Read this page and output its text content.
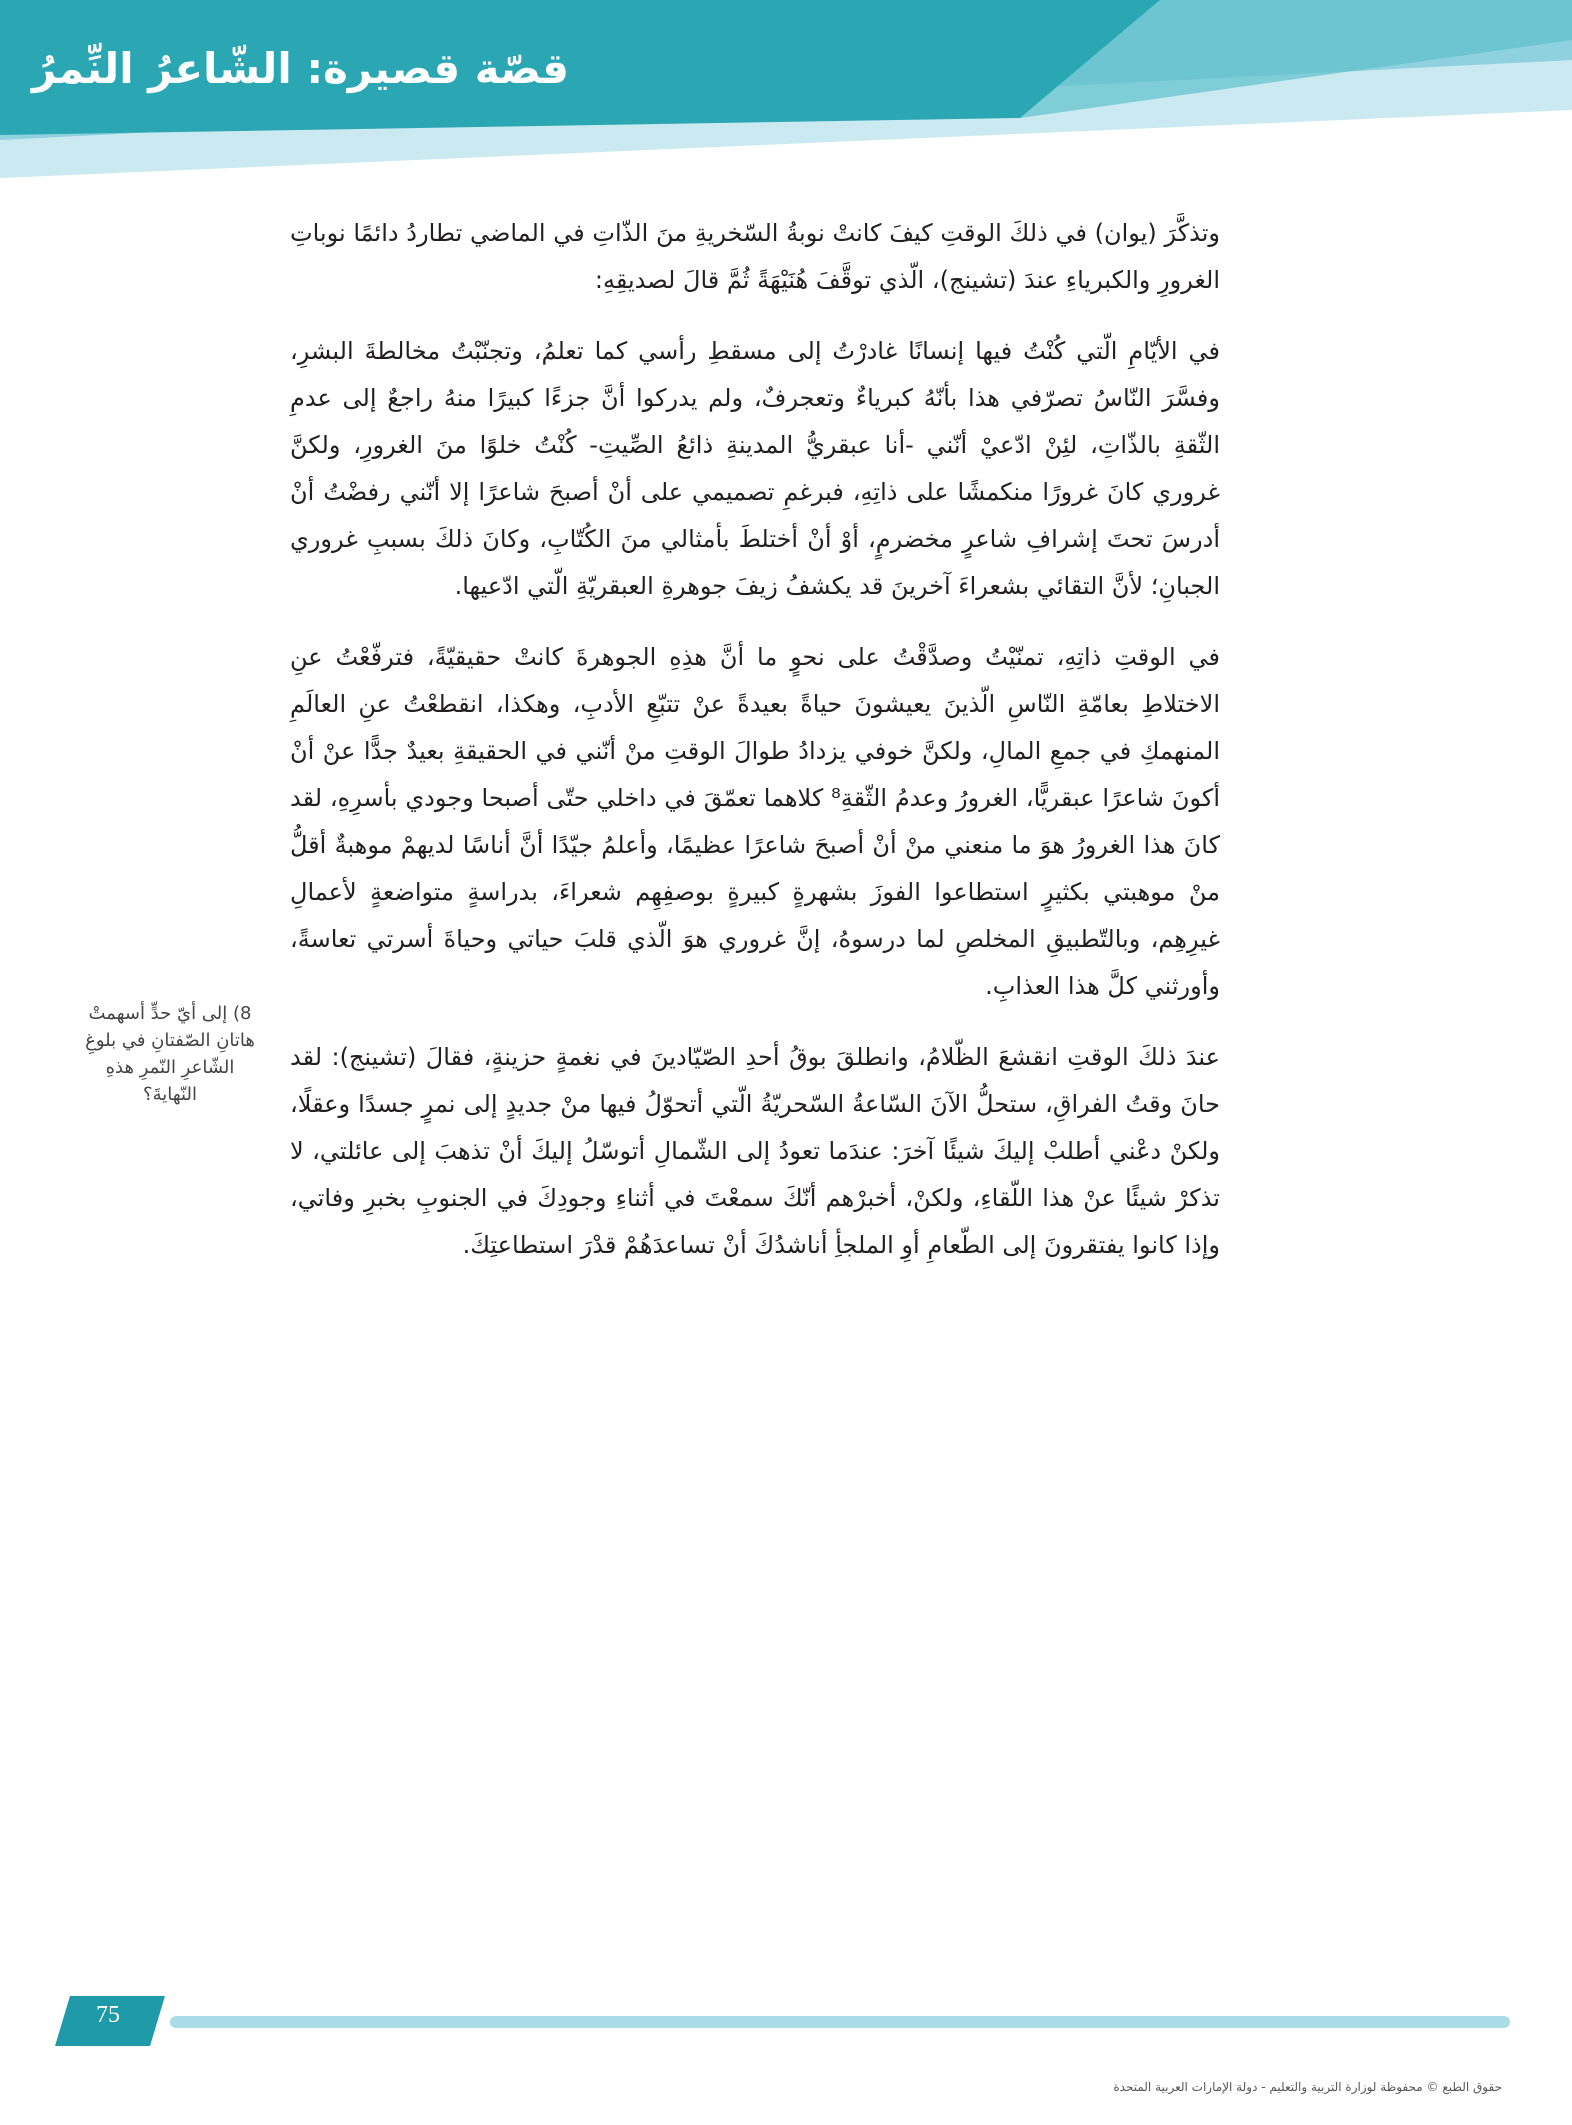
قصّة قصيرة: الشّاعرُ النِّمرُ

وتذكَّرَ (يوان) في ذلكَ الوقتِ كيفَ كانتْ نوبةُ السّخريةِ منَ الذّاتِ في الماضي تطاردُ دائمًا نوباتِ الغرورِ والكبرياءِ عندَ (تشينج)، الّذي توقَّفَ هُنَيْهَةً ثُمَّ قالَ لصديقِهِ:

في الأيّامِ الّتي كُنْتُ فيها إنسانًا غادرْتُ إلى مسقطِ رأسي كما تعلمُ، وتجنّبْتُ مخالطةَ البشرِ، وفسَّرَ النّاسُ تصرّفي هذا بأنّهُ كبرياءٌ وتعجرفٌ، ولم يدركوا أنَّ جزءًا كبيرًا منهُ راجعٌ إلى عدمِ الثّقةِ بالذّاتِ، لئِنْ ادّعيْ أنّني -أنا عبقريُّ المدينةِ ذائعُ الصِّيتِ- كُنْتُ خلوًا منَ الغرورِ، ولكنَّ غروري كانَ غرورًا منكمشًا على ذاتِهِ، فبرغمِ تصميمي على أنْ أصبحَ شاعرًا إلا أنّني رفضْتُ أنْ أدرسَ تحتَ إشرافِ شاعرٍ مخضرمٍ، أوْ أنْ أختلطَ بأمثالي منَ الكُتّابِ، وكانَ ذلكَ بسببِ غروري الجبانِ؛ لأنَّ التقائي بشعراءَ آخرينَ قد يكشفُ زيفَ جوهرةِ العبقريّةِ الّتي ادّعيها.

في الوقتِ ذاتِهِ، تمنّيْتُ وصدَّقْتُ على نحوٍ ما أنَّ هذِهِ الجوهرةَ كانتْ حقيقيّةً، فترفّعْتُ عنِ الاختلاطِ بعامّةِ النّاسِ الّذينَ يعيشونَ حياةً بعيدةً عنْ تتبّعِ الأدبِ، وهكذا، انقطعْتُ عنِ العالَمِ المنهمكِ في جمعِ المالِ، ولكنَّ خوفي يزدادُ طوالَ الوقتِ منْ أنّني في الحقيقةِ بعيدٌ جدًّا عنْ أنْ أكونَ شاعرًا عبقريًّا، الغرورُ وعدمُ الثّقةِ⁸ كلاهما تعمّقَ في داخلي حتّى أصبحا وجودي بأسرِهِ، لقد كانَ هذا الغرورُ هوَ ما منعني منْ أنْ أصبحَ شاعرًا عظيمًا، وأعلمُ جيّدًا أنَّ أناسًا لديهمْ موهبةٌ أقلُّ منْ موهبتي بكثيرٍ استطاعوا الفوزَ بشهرةٍ كبيرةٍ بوصفِهِم شعراءَ، بدراسةٍ متواضعةٍ لأعمالِ غيرِهِم، وبالتّطبيقِ المخلصِ لما درسوهُ، إنَّ غروري هوَ الّذي قلبَ حياتي وحياةَ أسرتي تعاسةً، وأورثني كلَّ هذا العذابِ.

عندَ ذلكَ الوقتِ انقشعَ الظّلامُ، وانطلقَ بوقُ أحدِ الصّيّادينَ في نغمةٍ حزينةٍ، فقالَ (تشينج): لقد حانَ وقتُ الفراقِ، ستحلُّ الآنَ السّاعةُ السّحريّةُ الّتي أتحوّلُ فيها منْ جديدٍ إلى نمرٍ جسدًا وعقلًا، ولكنْ دعْني أطلبْ إليكَ شيئًا آخرَ: عندَما تعودُ إلى الشّمالِ أتوسّلُ إليكَ أنْ تذهبَ إلى عائلتي، لا تذكرْ شيئًا عنْ هذا اللّقاءِ، ولكنْ، أخبرْهم أنّكَ سمعْتَ في أثناءِ وجودِكَ في الجنوبِ بخبرِ وفاتي، وإذا كانوا يفتقرونَ إلى الطّعامِ أوِ الملجأِ أناشدُكَ أنْ تساعدَهُمْ قدْرَ استطاعتِكَ.

8) إلى أيّ حدٍّ أسهمتْ هاتانِ الصّفتانِ في بلوغِ الشّاعرِ النّمرِ هذهِ النّهايةَ؟
75
حقوق الطبع © محفوظة لوزارة التربية والتعليم - دولة الإمارات العربية المتحدة
